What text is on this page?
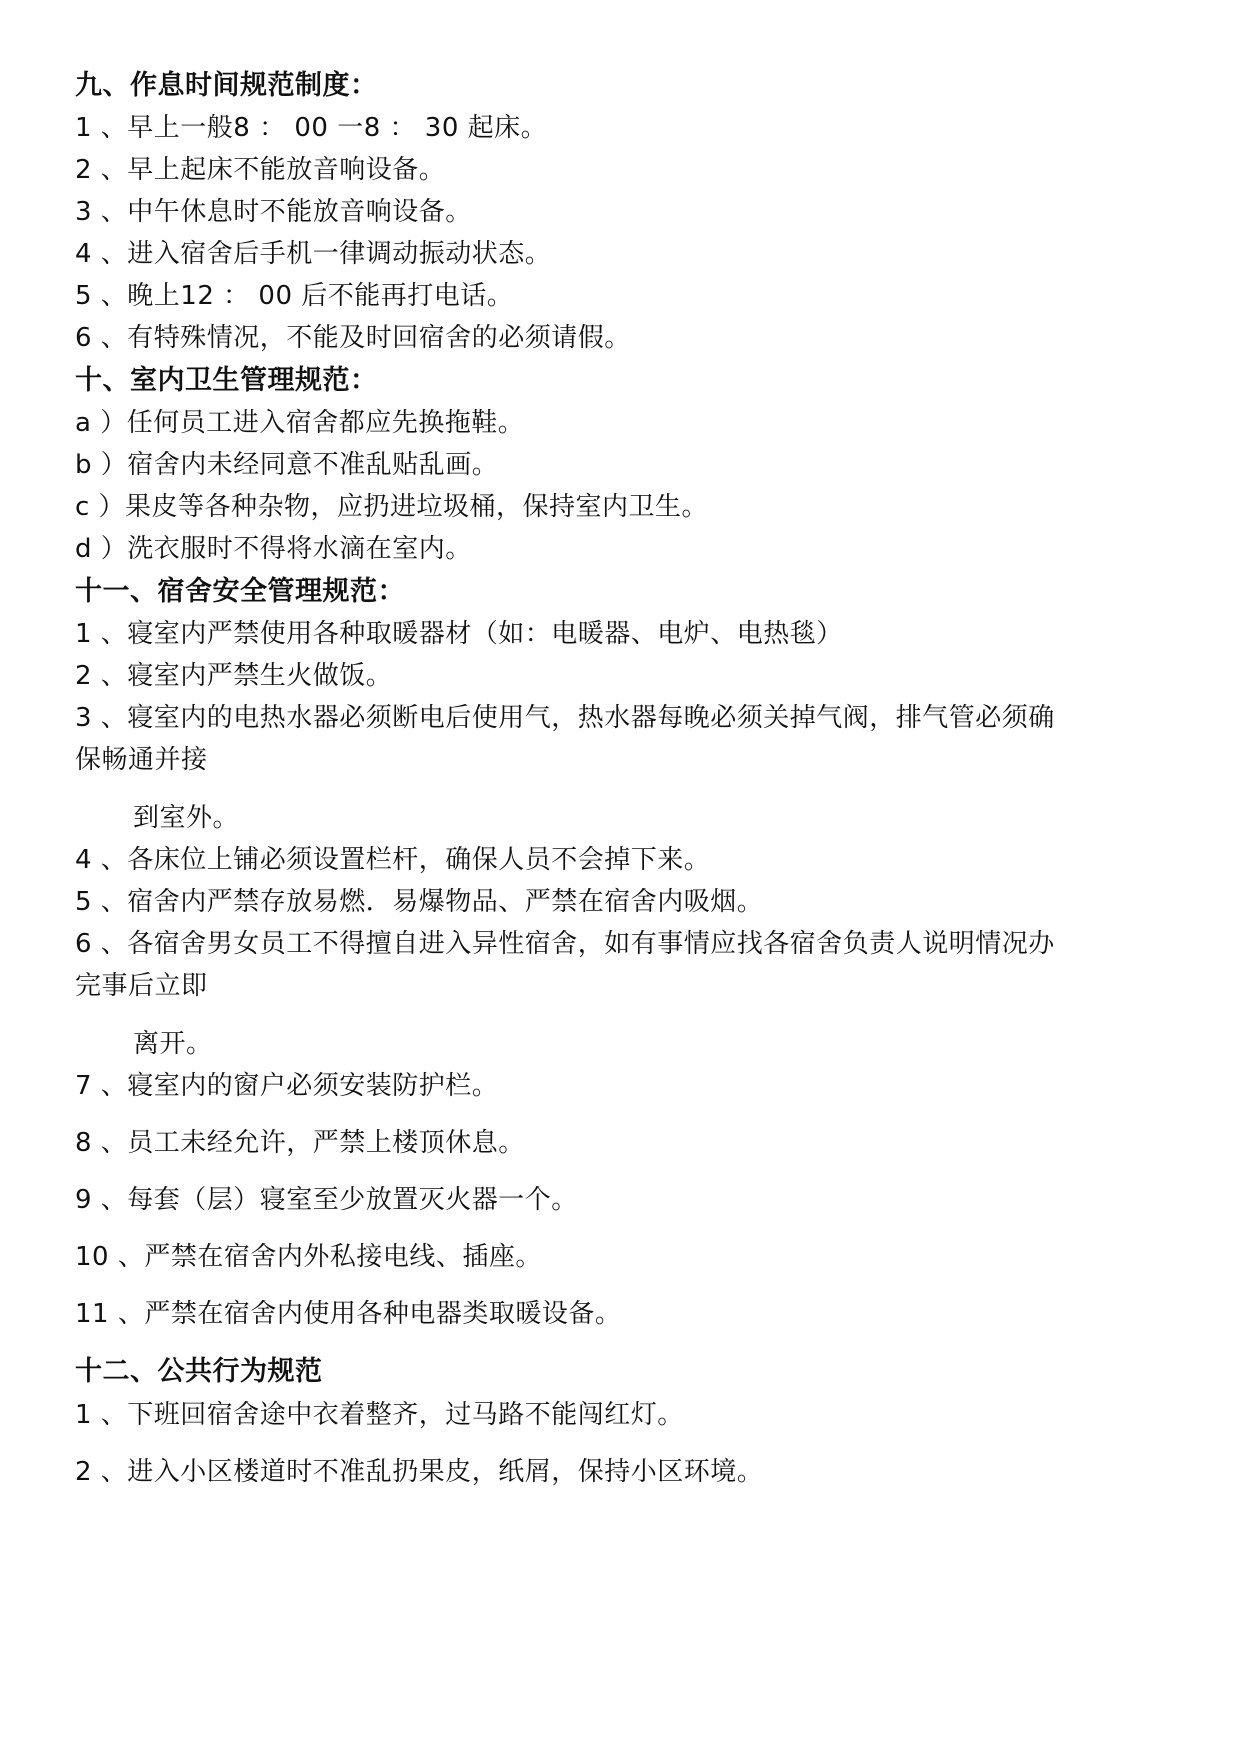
九、作息时间规范制度：
1 、早上一般8 ： 00 一8 ： 30 起床。
2 、早上起床不能放音响设备。
3 、中午休息时不能放音响设备。
4 、进入宿舍后手机一律调动振动状态。
5 、晚上12 ： 00 后不能再打电话。
6 、有特殊情况，不能及时回宿舍的必须请假。
十、室内卫生管理规范：
a ）任何员工进入宿舍都应先换拖鞋。
b ）宿舍内未经同意不准乱贴乱画。
c ）果皮等各种杂物，应扔进垃圾桶，保持室内卫生。
d ）洗衣服时不得将水滴在室内。
十一、宿舍安全管理规范：
1 、寝室内严禁使用各种取暖器材（如：电暖器、电炉、电热毯）
2 、寝室内严禁生火做饭。
3 、寝室内的电热水器必须断电后使用气，热水器每晚必须关掉气阀，排气管必须确
保畅通并接
到室外。
4 、各床位上铺必须设置栏杆，确保人员不会掉下来。
5 、宿舍内严禁存放易燃．易爆物品、严禁在宿舍内吸烟。
6 、各宿舍男女员工不得擅自进入异性宿舍，如有事情应找各宿舍负责人说明情况办
完事后立即
离开。
7 、寝室内的窗户必须安装防护栏。
8 、员工未经允许，严禁上楼顶休息。
9 、每套（层）寝室至少放置灭火器一个。
10 、严禁在宿舍内外私接电线、插座。
11 、严禁在宿舍内使用各种电器类取暖设备。
十二、公共行为规范
1 、下班回宿舍途中衣着整齐，过马路不能闯红灯。
2 、进入小区楼道时不准乱扔果皮，纸屑，保持小区环境。
